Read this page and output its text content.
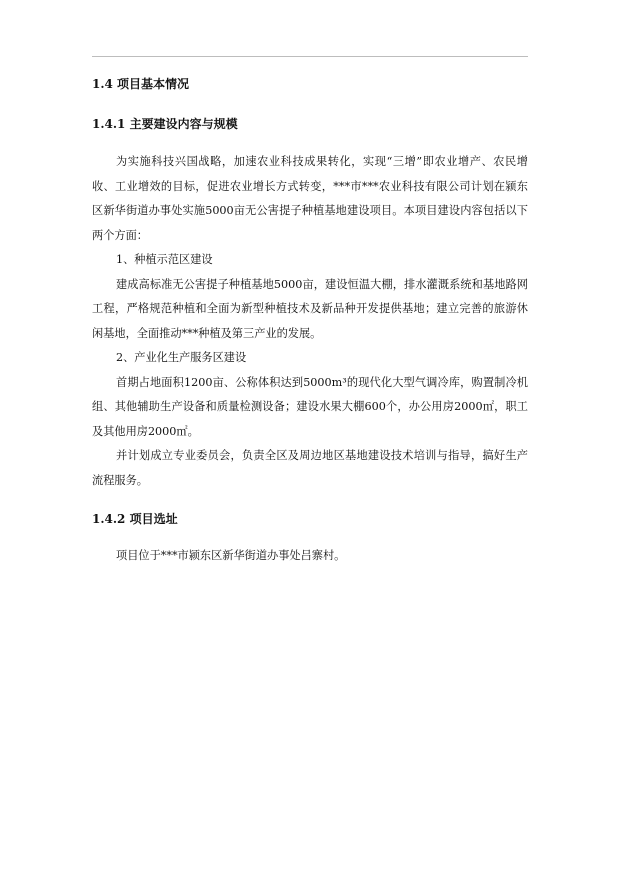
1.4 项目基本情况

1.4.1 主要建设内容与规模

为实施科技兴国战略，加速农业科技成果转化，实现“三增”即农业增产、农民增收、工业增效的目标，促进农业增长方式转变，***市***农业科技有限公司计划在颍东区新华街道办事处实施5000亩无公害提子种植基地建设项目。本项目建设内容包括以下两个方面：

1、种植示范区建设

建成高标准无公害提子种植基地5000亩，建设恒温大棚，排水灌溉系统和基地路网工程，严格规范种植和全面为新型种植技术及新品种开发提供基地；建立完善的旅游休闲基地，全面推动***种植及第三产业的发展。

2、产业化生产服务区建设

首期占地面积1200亩、公称体积达到5000m³的现代化大型气调冷库，购置制冷机组、其他辅助生产设备和质量检测设备；建设水果大棚600个，办公用房2000㎡，职工及其他用房2000㎡。

并计划成立专业委员会，负责全区及周边地区基地建设技术培训与指导，搞好生产流程服务。

1.4.2 项目选址

项目位于***市颍东区新华街道办事处吕寨村。
